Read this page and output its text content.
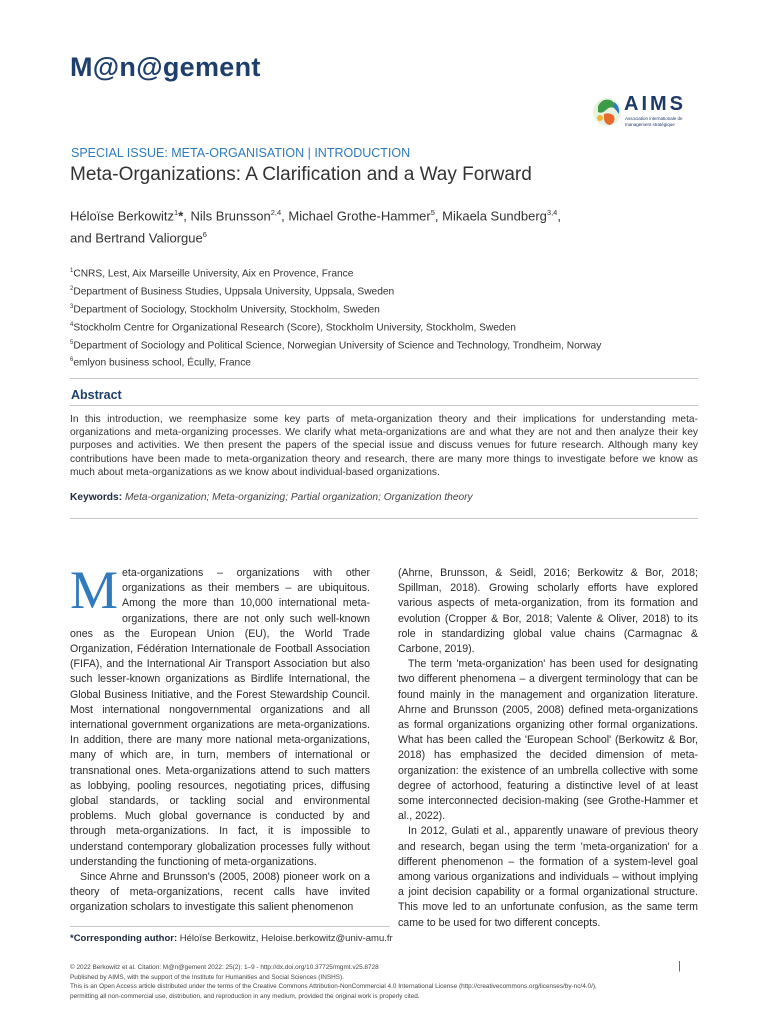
M@n@gement
AIMS
Association internationale de management stratégique
SPECIAL ISSUE: META-ORGANISATION | INTRODUCTION
Meta-Organizations: A Clarification and a Way Forward
Héloïse Berkowitz$^1$*, Nils Brunsson$^{2,4}$, Michael Grothe-Hammer$^5$, Mikaela Sundberg$^{3,4}$,
and Bertrand Valiorgue$^6$
$^1$CNRS, Lest, Aix Marseille University, Aix en Provence, France
$^2$Department of Business Studies, Uppsala University, Uppsala, Sweden
$^3$Department of Sociology, Stockholm University, Stockholm, Sweden
$^4$Stockholm Centre for Organizational Research (Score), Stockholm University, Stockholm, Sweden
$^5$Department of Sociology and Political Science, Norwegian University of Science and Technology, Trondheim, Norway
$^6$emlyon business school, Écully, France
Abstract
In this introduction, we reemphasize some key parts of meta-organization theory and their implications for understanding meta-organizations and meta-organizing processes. We clarify what meta-organizations are and what they are not and then analyze their key purposes and activities. We then present the papers of the special issue and discuss venues for future research. Although many key contributions have been made to meta-organization theory and research, there are many more things to investigate before we know as much about meta-organizations as we know about individual-based organizations.
Keywords: Meta-organization; Meta-organizing; Partial organization; Organization theory

Meta-organizations – organizations with other organizations as their members – are ubiquitous. Among the more than 10,000 international meta-organizations, there are not only such well-known ones as the European Union (EU), the World Trade Organization, Fédération Internationale de Football Association (FIFA), and the International Air Transport Association but also such lesser-known organizations as Birdlife International, the Global Business Initiative, and the Forest Stewardship Council. Most international nongovernmental organizations and all international government organizations are meta-organizations. In addition, there are many more national meta-organizations, many of which are, in turn, members of international or transnational ones. Meta-organizations attend to such matters as lobbying, pooling resources, negotiating prices, diffusing global standards, or tackling social and environmental problems. Much global governance is conducted by and through meta-organizations. In fact, it is impossible to understand contemporary globalization processes fully without understanding the functioning of meta-organizations.

Since Ahrne and Brunsson's (2005, 2008) pioneer work on a theory of meta-organizations, recent calls have invited organization scholars to investigate this salient phenomenon

(Ahrne, Brunsson, & Seidl, 2016; Berkowitz & Bor, 2018; Spillman, 2018). Growing scholarly efforts have explored various aspects of meta-organization, from its formation and evolution (Cropper & Bor, 2018; Valente & Oliver, 2018) to its role in standardizing global value chains (Carmagnac & Carbone, 2019).

The term 'meta-organization' has been used for designating two different phenomena – a divergent terminology that can be found mainly in the management and organization literature. Ahrne and Brunsson (2005, 2008) defined meta-organizations as formal organizations organizing other formal organizations. What has been called the 'European School' (Berkowitz & Bor, 2018) has emphasized the decided dimension of meta-organization: the existence of an umbrella collective with some degree of actorhood, featuring a distinctive level of at least some interconnected decision-making (see Grothe-Hammer et al., 2022).

In 2012, Gulati et al., apparently unaware of previous theory and research, began using the term 'meta-organization' for a different phenomenon – the formation of a system-level goal among various organizations and individuals – without implying a joint decision capability or a formal organizational structure. This move led to an unfortunate confusion, as the same term came to be used for two different concepts.

*Corresponding author: Héloïse Berkowitz, Heloise.berkowitz@univ-amu.fr
© 2022 Berkowitz et al. Citation: M@n@gement 2022: 25(2): 1–9 - http://dx.doi.org/10.37725/mgmt.v25.8728
Published by AIMS, with the support of the Institute for Humanities and Social Sciences (INSHS).
This is an Open Access article distributed under the terms of the Creative Commons Attribution-NonCommercial 4.0 International License (http://creativecommons.org/licenses/by-nc/4.0/),
permitting all non-commercial use, distribution, and reproduction in any medium, provided the original work is properly cited.
|
